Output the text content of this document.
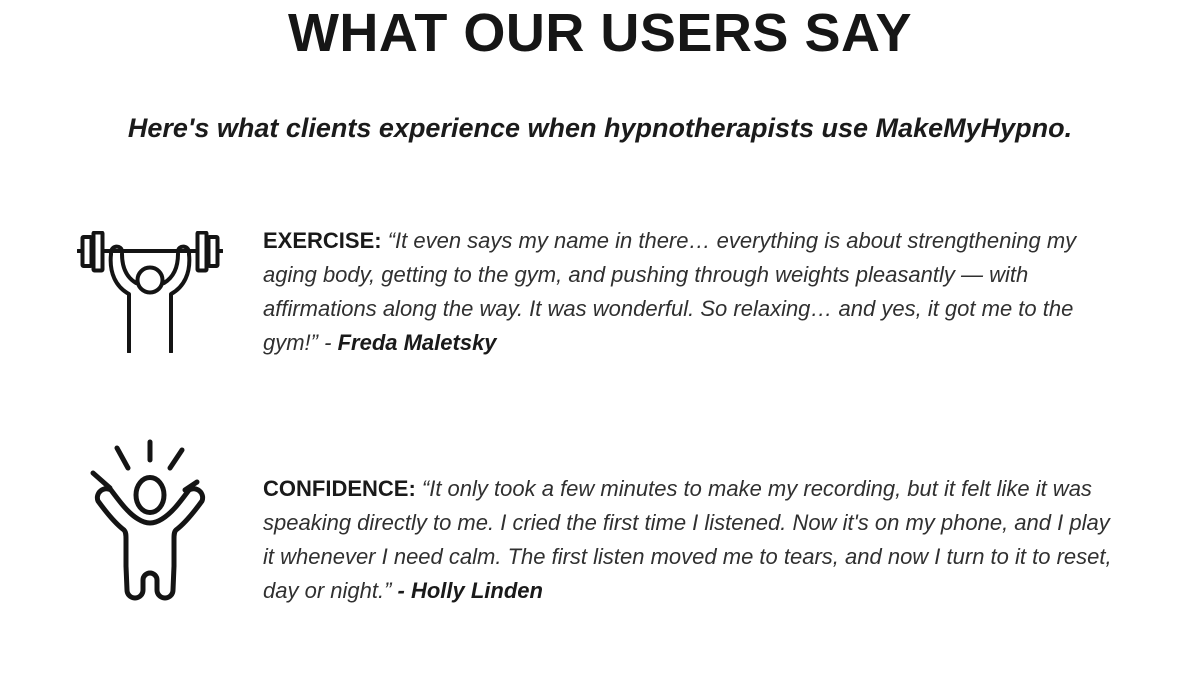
WHAT OUR USERS SAY

Here's what clients experience when hypnotherapists use MakeMyHypno.

EXERCISE: “It even says my name in there… everything is about strengthening my aging body, getting to the gym, and pushing through weights pleasantly — with affirmations along the way. It was wonderful. So relaxing… and yes, it got me to the gym!” - Freda Maletsky

CONFIDENCE: “It only took a few minutes to make my recording, but it felt like it was speaking directly to me. I cried the first time I listened. Now it's on my phone, and I play it whenever I need calm. The first listen moved me to tears, and now I turn to it to reset, day or night.” - Holly Linden
